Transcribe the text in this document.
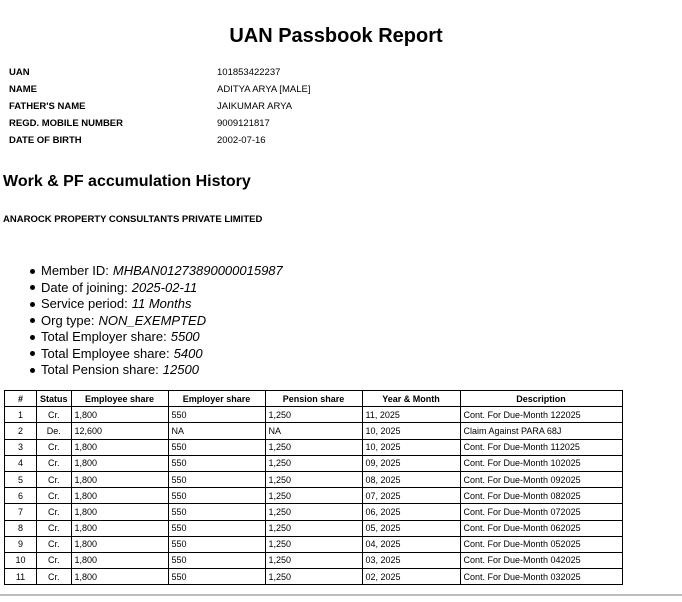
UAN Passbook Report
UAN	101853422237
NAME	ADITYA ARYA [MALE]
FATHER'S NAME	JAIKUMAR ARYA
REGD. MOBILE NUMBER	9009121817
DATE OF BIRTH	2002-07-16
Work & PF accumulation History
ANAROCK PROPERTY CONSULTANTS PRIVATE LIMITED
Member ID: MHBAN01273890000015987
Date of joining: 2025-02-11
Service period: 11 Months
Org type: NON_EXEMPTED
Total Employer share: 5500
Total Employee share: 5400
Total Pension share: 12500
#	Status	Employee share	Employer share	Pension share	Year & Month	Description
1	Cr.	1,800	550	1,250	11, 2025	Cont. For Due-Month 122025
2	De.	12,600	NA	NA	10, 2025	Claim Against PARA 68J
3	Cr.	1,800	550	1,250	10, 2025	Cont. For Due-Month 112025
4	Cr.	1,800	550	1,250	09, 2025	Cont. For Due-Month 102025
5	Cr.	1,800	550	1,250	08, 2025	Cont. For Due-Month 092025
6	Cr.	1,800	550	1,250	07, 2025	Cont. For Due-Month 082025
7	Cr.	1,800	550	1,250	06, 2025	Cont. For Due-Month 072025
8	Cr.	1,800	550	1,250	05, 2025	Cont. For Due-Month 062025
9	Cr.	1,800	550	1,250	04, 2025	Cont. For Due-Month 052025
10	Cr.	1,800	550	1,250	03, 2025	Cont. For Due-Month 042025
11	Cr.	1,800	550	1,250	02, 2025	Cont. For Due-Month 032025
